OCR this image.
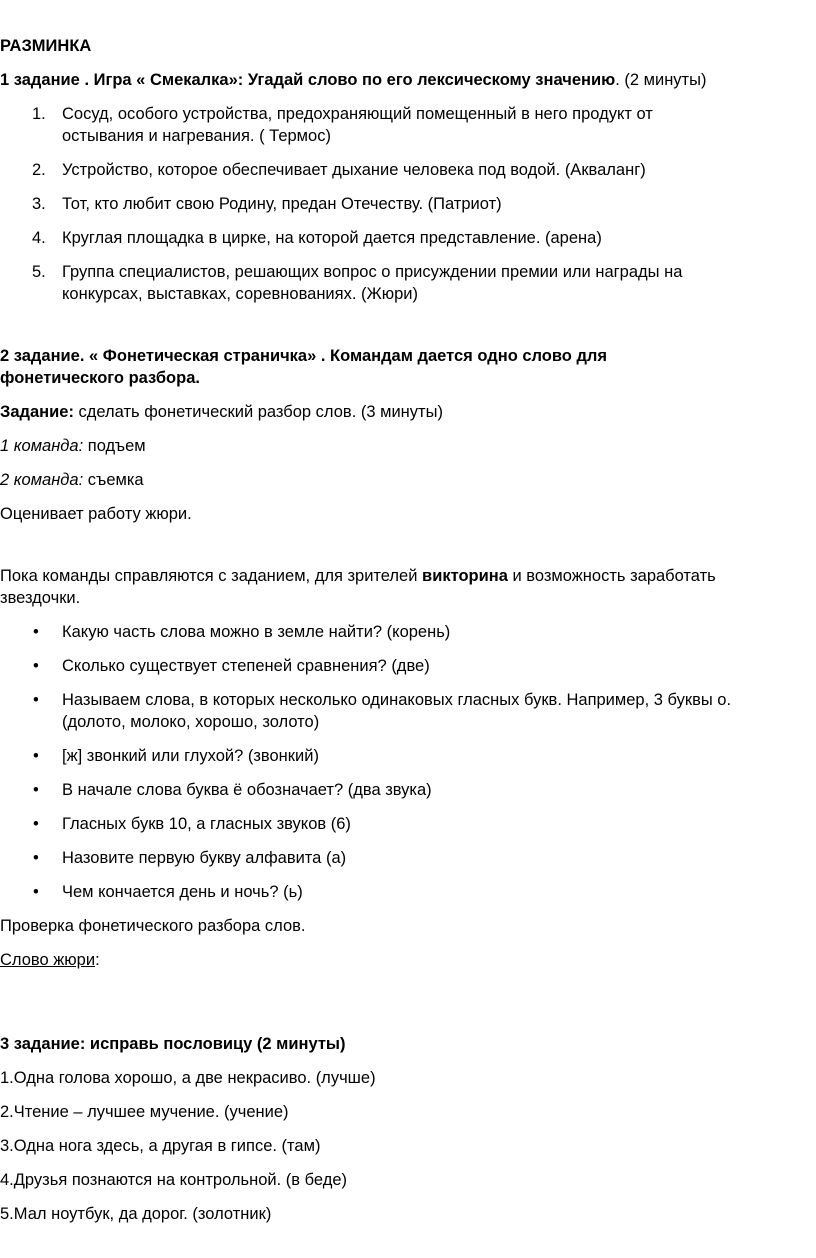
РАЗМИНКА

1 задание . Игра « Смекалка»: Угадай слово по его лексическому значению. (2 минуты)

1. Сосуд, особого устройства, предохраняющий помещенный в него продукт от

остывания и нагревания. ( Термос)

2. Устройство, которое обеспечивает дыхание человека под водой. (Акваланг)

3. Тот, кто любит свою Родину, предан Отечеству. (Патриот)

4. Круглая площадка в цирке, на которой дается представление. (арена)

5. Группа специалистов, решающих вопрос о присуждении премии или награды на

конкурсах, выставках, соревнованиях. (Жюри)

2 задание. « Фонетическая страничка» . Командам дается одно слово для

фонетического разбора.

Задание: сделать фонетический разбор слов. (3 минуты)

1 команда: подъем

2 команда: съемка

Оценивает работу жюри.

Пока команды справляются с заданием, для зрителей викторина и возможность заработать

звездочки.

• Какую часть слова можно в земле найти? (корень)

• Сколько существует степеней сравнения? (две)

• Называем слова, в которых несколько одинаковых гласных букв. Например, 3 буквы о.

(долото, молоко, хорошо, золото)

• [ж] звонкий или глухой? (звонкий)

• В начале слова буква ё обозначает? (два звука)

• Гласных букв 10, а гласных звуков (6)

• Назовите первую букву алфавита (а)

• Чем кончается день и ночь? (ь)

Проверка фонетического разбора слов.

Слово жюри:

3 задание: исправь пословицу (2 минуты)

1.Одна голова хорошо, а две некрасиво. (лучше)

2.Чтение – лучшее мучение. (учение)

3.Одна нога здесь, а другая в гипсе. (там)

4.Друзья познаются на контрольной. (в беде)

5.Мал ноутбук, да дорог. (золотник)
